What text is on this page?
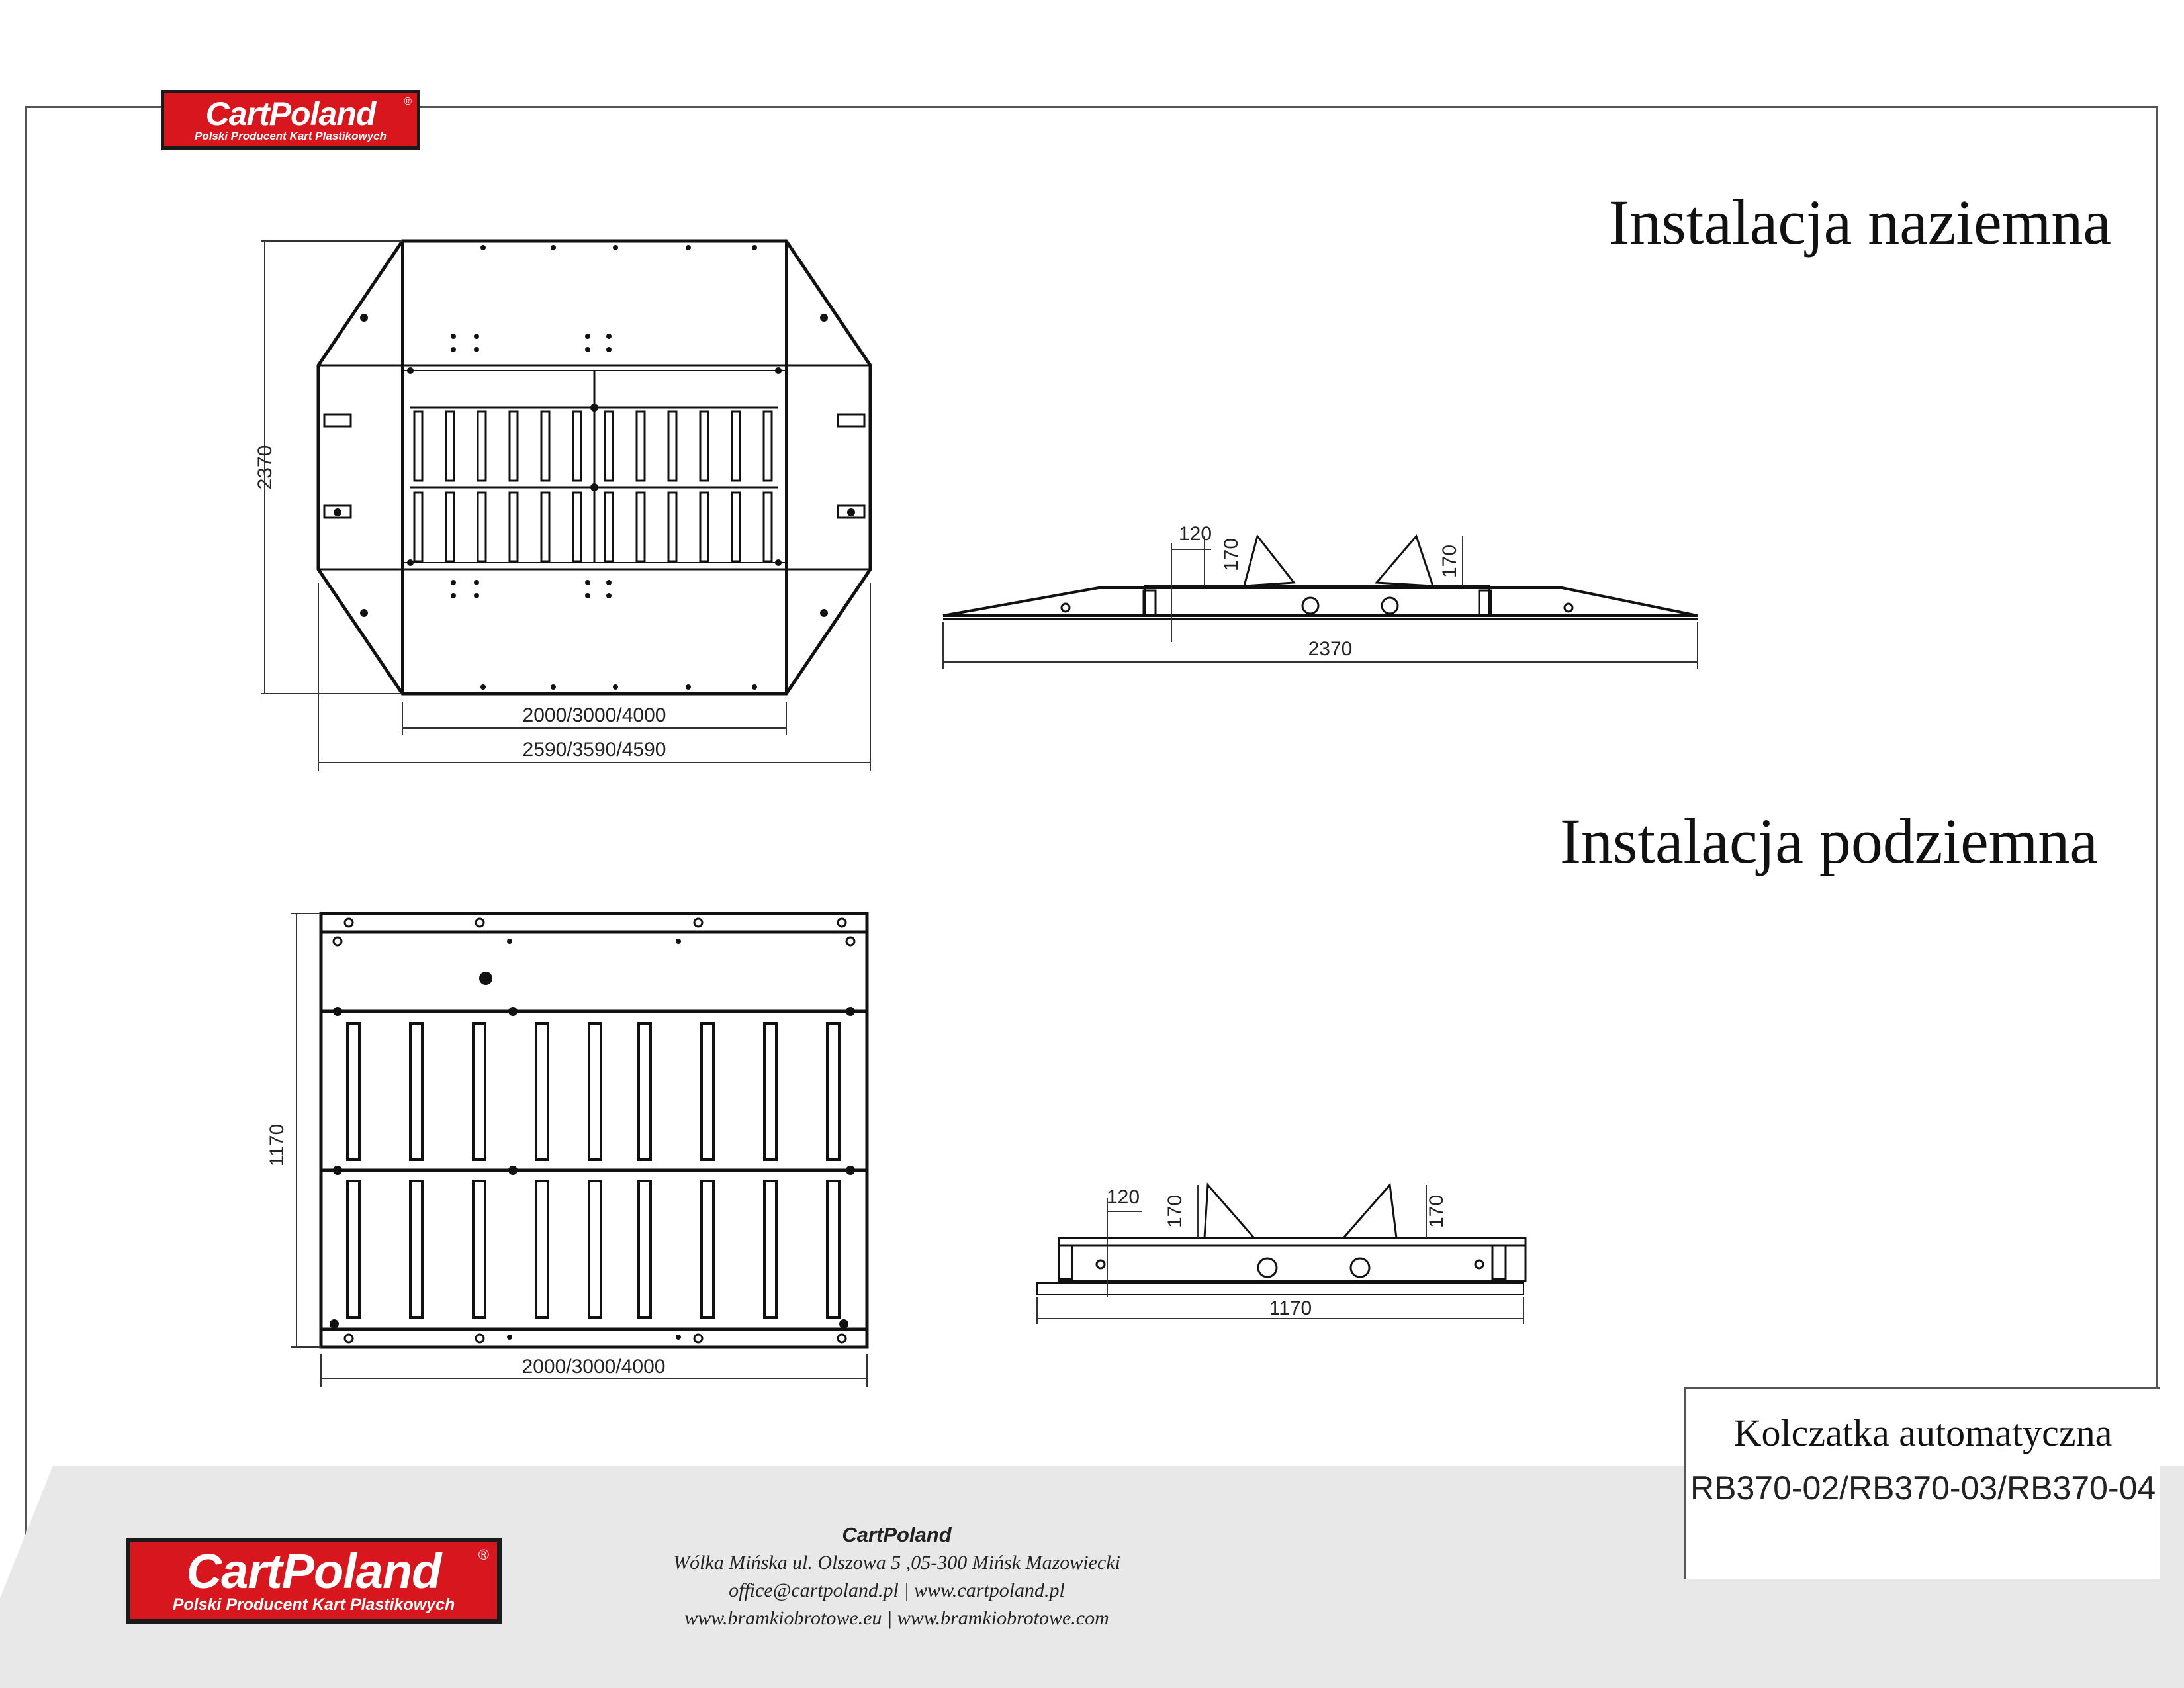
CartPoland
Polski Producent Kart Plastikowych
®
Instalacja naziemna
Instalacja podziemna
2370
2000/3000/4000
2590/3590/4590
120
170	170
2370
1170
2000/3000/4000
120 170	170
1170
CartPoland
Polski Producent Kart Plastikowych
®
CartPoland
Wólka Mińska ul. Olszowa 5 ,05-300 Mińsk Mazowiecki
office@cartpoland.pl | www.cartpoland.pl
www.bramkiobrotowe.eu | www.bramkiobrotowe.com
Kolczatka automatyczna
RB370-02/RB370-03/RB370-04
